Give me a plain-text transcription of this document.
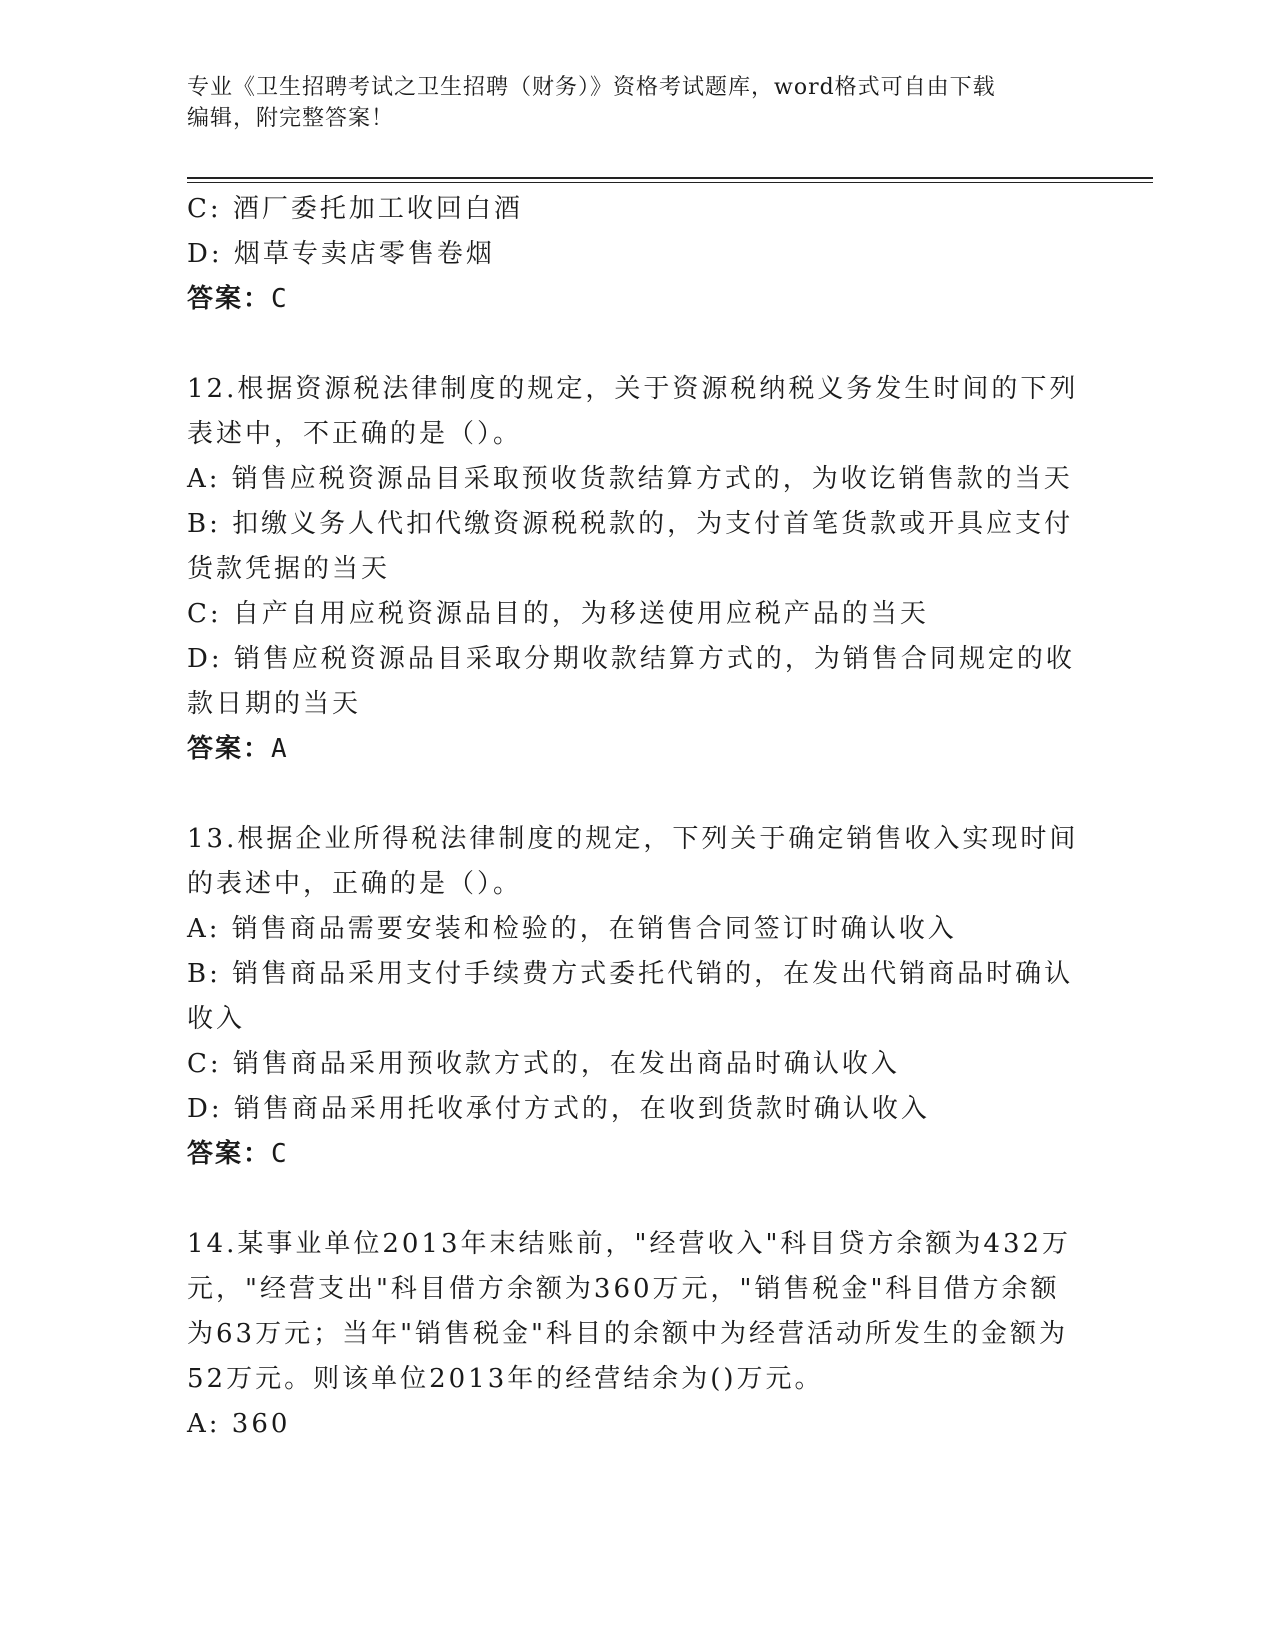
专业《卫生招聘考试之卫生招聘（财务）》资格考试题库，word格式可自由下载

编辑，附完整答案！

C: 酒厂委托加工收回白酒
D: 烟草专卖店零售卷烟
答案：C
12.根据资源税法律制度的规定，关于资源税纳税义务发生时间的下列
表述中，不正确的是（）。
A: 销售应税资源品目采取预收货款结算方式的，为收讫销售款的当天
B: 扣缴义务人代扣代缴资源税税款的，为支付首笔货款或开具应支付
货款凭据的当天
C: 自产自用应税资源品目的，为移送使用应税产品的当天
D: 销售应税资源品目采取分期收款结算方式的，为销售合同规定的收
款日期的当天
答案：A
13.根据企业所得税法律制度的规定，下列关于确定销售收入实现时间
的表述中，正确的是（）。
A: 销售商品需要安装和检验的，在销售合同签订时确认收入
B: 销售商品采用支付手续费方式委托代销的，在发出代销商品时确认
收入
C: 销售商品采用预收款方式的，在发出商品时确认收入
D: 销售商品采用托收承付方式的，在收到货款时确认收入
答案：C
14.某事业单位2013年末结账前，"经营收入"科目贷方余额为432万
元，"经营支出"科目借方余额为360万元，"销售税金"科目借方余额
为63万元；当年"销售税金"科目的余额中为经营活动所发生的金额为
52万元。则该单位2013年的经营结余为()万元。
A: 360
